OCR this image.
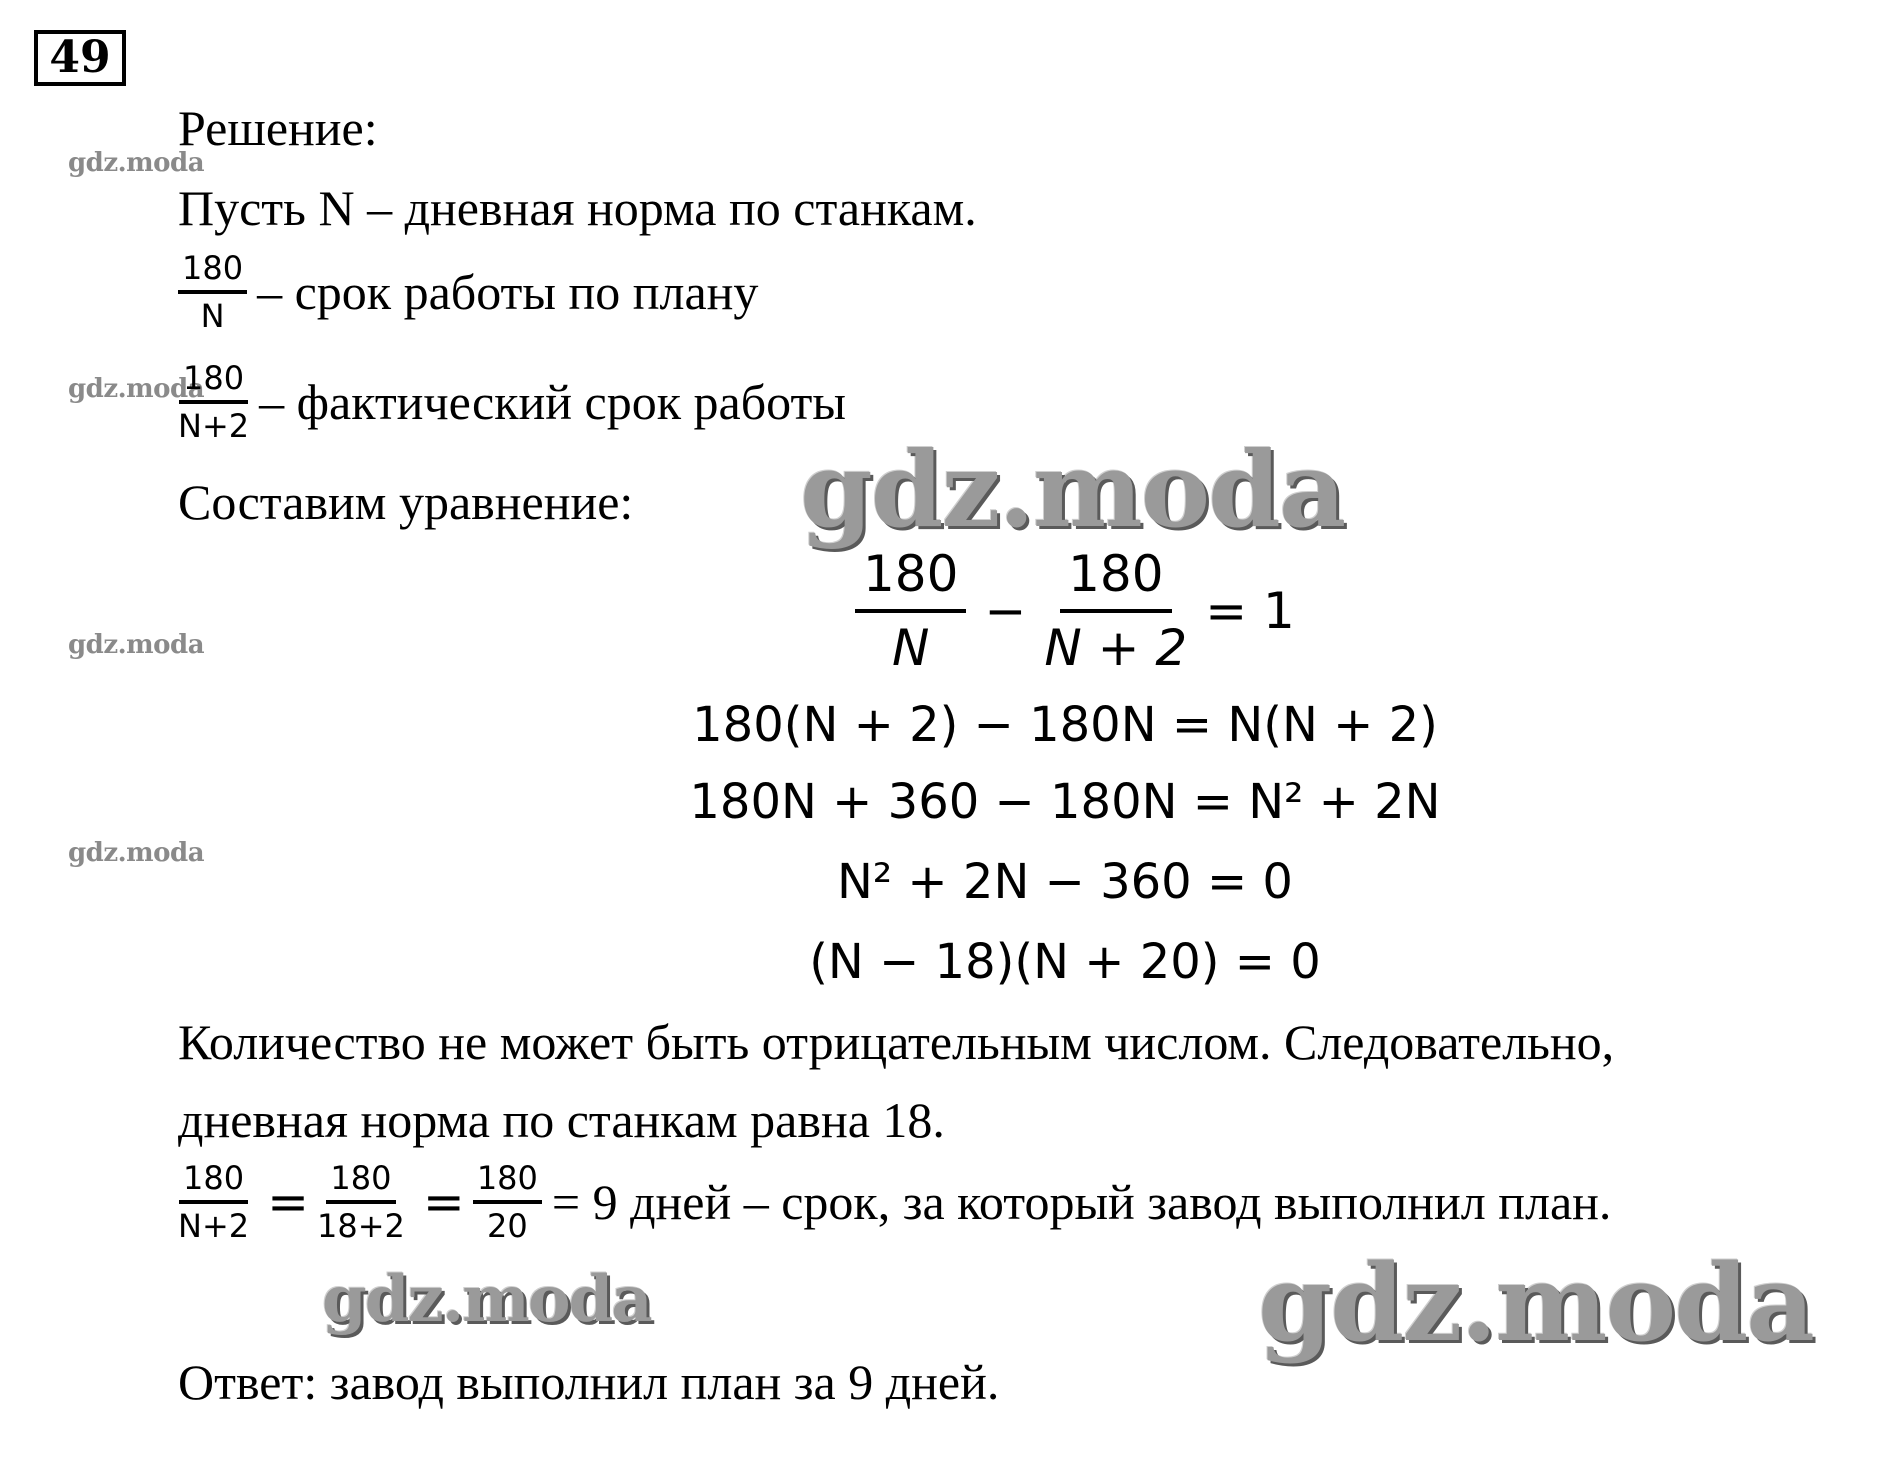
49
gdz.moda
gdz.moda
gdz.moda
gdz.moda
gdz.moda
gdz.moda	gdz.moda
Решение:
Пусть N – дневная норма по станкам.
$\frac{180}{N}$ – срок работы по плану
$\frac{180}{N+2}$ – фактический срок работы
Составим уравнение:
$\frac{180}{N} - \frac{180}{N + 2} = 1$
180(N + 2) − 180N = N(N + 2)
180N + 360 − 180N = N² + 2N
N² + 2N − 360 = 0
(N − 18)(N + 20) = 0
Количество не может быть отрицательным числом. Следовательно,
дневная норма по станкам равна 18.
$\frac{180}{N+2} = \frac{180}{18+2} = \frac{180}{20} = 9$ дней – срок, за который завод выполнил план.
Ответ: завод выполнил план за 9 дней.
